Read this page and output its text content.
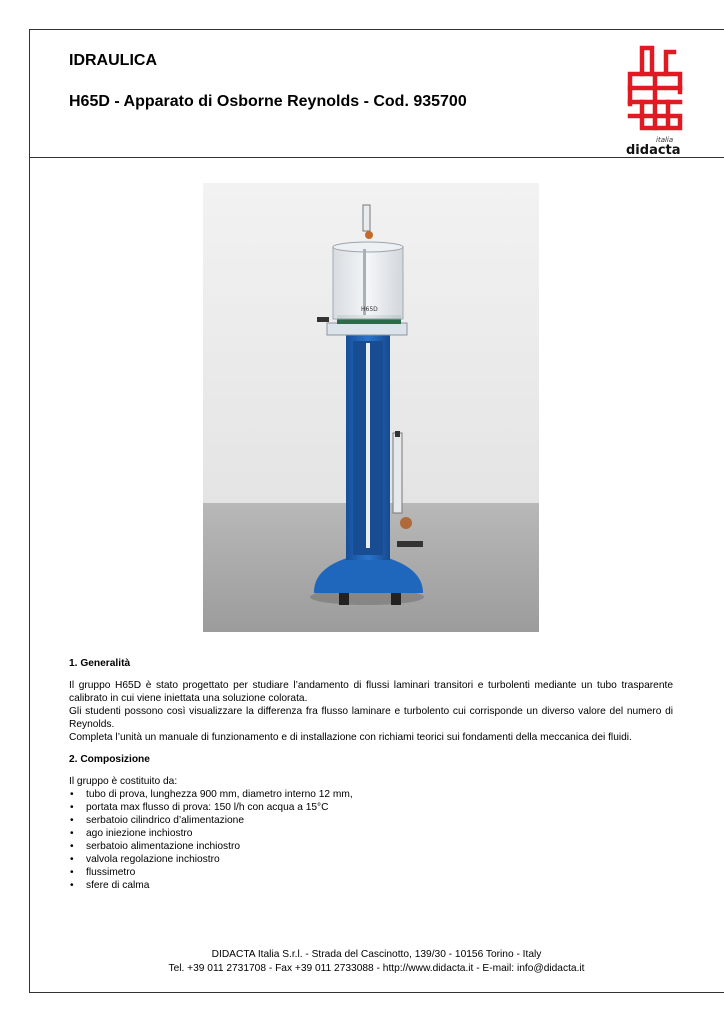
IDRAULICA
H65D - Apparato di Osborne Reynolds - Cod. 935700
italia
didacta
H65D
1. Generalità

Il gruppo H65D è stato progettato per studiare l’andamento di flussi laminari transitori e turbolenti mediante un tubo trasparente calibrato in cui viene iniettata una soluzione colorata.

Gli studenti possono così visualizzare la differenza fra flusso laminare e turbolento cui corrisponde un diverso valore del numero di Reynolds.

Completa l’unità un manuale di funzionamento e di installazione con richiami teorici sui fondamenti della meccanica dei fluidi.

2. Composizione

Il gruppo è costituito da:

• tubo di prova, lunghezza 900 mm, diametro interno 12 mm,
• portata max flusso di prova: 150 l/h con acqua a 15°C
• serbatoio cilindrico d’alimentazione
• ago iniezione inchiostro
• serbatoio alimentazione inchiostro
• valvola regolazione inchiostro
• flussimetro
• sfere di calma
DIDACTA Italia S.r.l. - Strada del Cascinotto, 139/30 - 10156 Torino - Italy
Tel. +39 011 2731708 - Fax +39 011 2733088 - http://www.didacta.it - E-mail: info@didacta.it
